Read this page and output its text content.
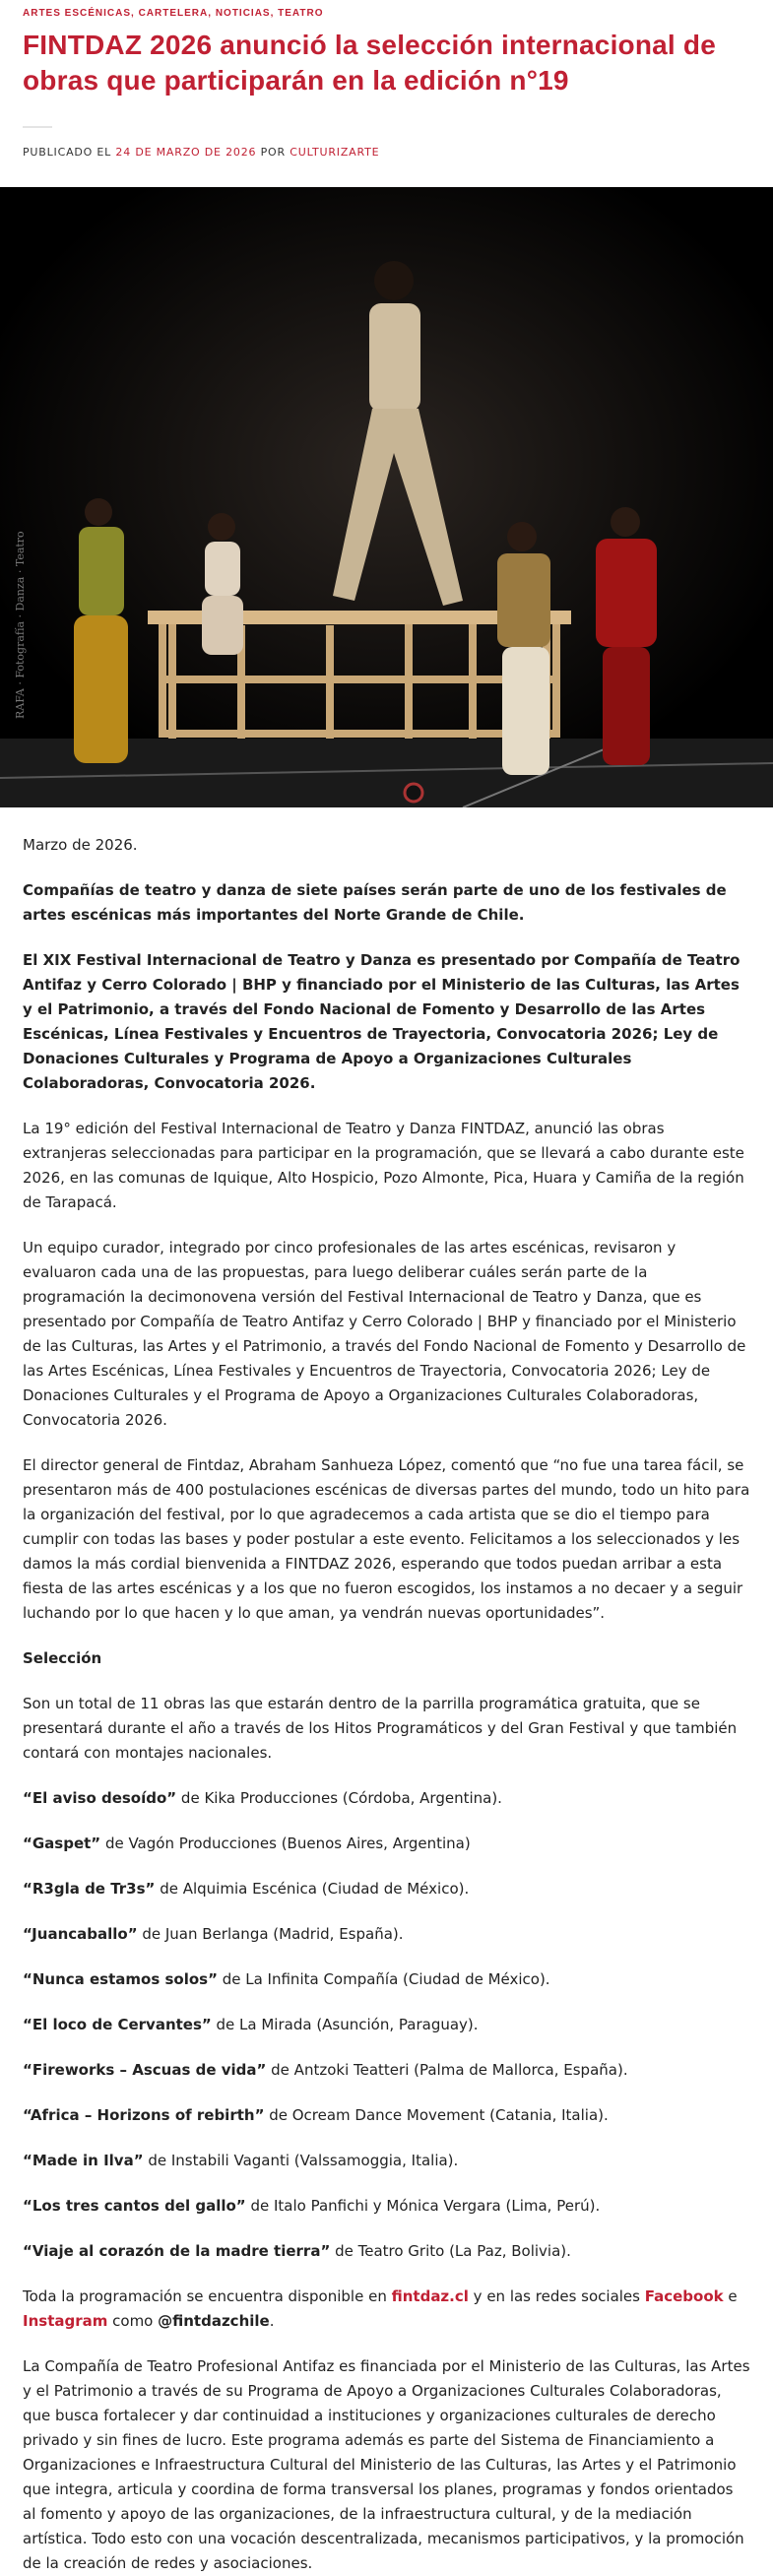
ARTES ESCÉNICAS, CARTELERA, NOTICIAS, TEATRO
FINTDAZ 2026 anunció la selección internacional de obras que participarán en la edición n°19
PUBLICADO EL 24 DE MARZO DE 2026 POR CULTURIZARTE
RAFA · Fotografía · Danza · Teatro

Marzo de 2026.

Compañías de teatro y danza de siete países serán parte de uno de los festivales de artes escénicas más importantes del Norte Grande de Chile.

El XIX Festival Internacional de Teatro y Danza es presentado por Compañía de Teatro Antifaz y Cerro Colorado | BHP y financiado por el Ministerio de las Culturas, las Artes y el Patrimonio, a través del Fondo Nacional de Fomento y Desarrollo de las Artes Escénicas, Línea Festivales y Encuentros de Trayectoria, Convocatoria 2026; Ley de Donaciones Culturales y Programa de Apoyo a Organizaciones Culturales Colaboradoras, Convocatoria 2026.

La 19° edición del Festival Internacional de Teatro y Danza FINTDAZ, anunció las obras extranjeras seleccionadas para participar en la programación, que se llevará a cabo durante este 2026, en las comunas de Iquique, Alto Hospicio, Pozo Almonte, Pica, Huara y Camiña de la región de Tarapacá.

Un equipo curador, integrado por cinco profesionales de las artes escénicas, revisaron y evaluaron cada una de las propuestas, para luego deliberar cuáles serán parte de la programación la decimonovena versión del Festival Internacional de Teatro y Danza, que es presentado por Compañía de Teatro Antifaz y Cerro Colorado | BHP y financiado por el Ministerio de las Culturas, las Artes y el Patrimonio, a través del Fondo Nacional de Fomento y Desarrollo de las Artes Escénicas, Línea Festivales y Encuentros de Trayectoria, Convocatoria 2026; Ley de Donaciones Culturales y el Programa de Apoyo a Organizaciones Culturales Colaboradoras, Convocatoria 2026.

El director general de Fintdaz, Abraham Sanhueza López, comentó que “no fue una tarea fácil, se presentaron más de 400 postulaciones escénicas de diversas partes del mundo, todo un hito para la organización del festival, por lo que agradecemos a cada artista que se dio el tiempo para cumplir con todas las bases y poder postular a este evento. Felicitamos a los seleccionados y les damos la más cordial bienvenida a FINTDAZ 2026, esperando que todos puedan arribar a esta fiesta de las artes escénicas y a los que no fueron escogidos, los instamos a no decaer y a seguir luchando por lo que hacen y lo que aman, ya vendrán nuevas oportunidades”.

Selección

Son un total de 11 obras las que estarán dentro de la parrilla programática gratuita, que se presentará durante el año a través de los Hitos Programáticos y del Gran Festival y que también contará con montajes nacionales.

“El aviso desoído” de Kika Producciones (Córdoba, Argentina).

“Gaspet” de Vagón Producciones (Buenos Aires, Argentina)

“R3gla de Tr3s” de Alquimia Escénica (Ciudad de México).

“Juancaballo” de Juan Berlanga (Madrid, España).

“Nunca estamos solos” de La Infinita Compañía (Ciudad de México).

“El loco de Cervantes” de La Mirada (Asunción, Paraguay).

“Fireworks – Ascuas de vida” de Antzoki Teatteri (Palma de Mallorca, España).

“Africa – Horizons of rebirth” de Ocream Dance Movement (Catania, Italia).

“Made in Ilva” de Instabili Vaganti (Valssamoggia, Italia).

“Los tres cantos del gallo” de Italo Panfichi y Mónica Vergara (Lima, Perú).

“Viaje al corazón de la madre tierra” de Teatro Grito (La Paz, Bolivia).

Toda la programación se encuentra disponible en fintdaz.cl y en las redes sociales Facebook e Instagram como @fintdazchile.

La Compañía de Teatro Profesional Antifaz es financiada por el Ministerio de las Culturas, las Artes y el Patrimonio a través de su Programa de Apoyo a Organizaciones Culturales Colaboradoras, que busca fortalecer y dar continuidad a instituciones y organizaciones culturales de derecho privado y sin fines de lucro. Este programa además es parte del Sistema de Financiamiento a Organizaciones e Infraestructura Cultural del Ministerio de las Culturas, las Artes y el Patrimonio que integra, articula y coordina de forma transversal los planes, programas y fondos orientados al fomento y apoyo de las organizaciones, de la infraestructura cultural, y de la mediación artística. Todo esto con una vocación descentralizada, mecanismos participativos, y la promoción de la creación de redes y asociaciones.
